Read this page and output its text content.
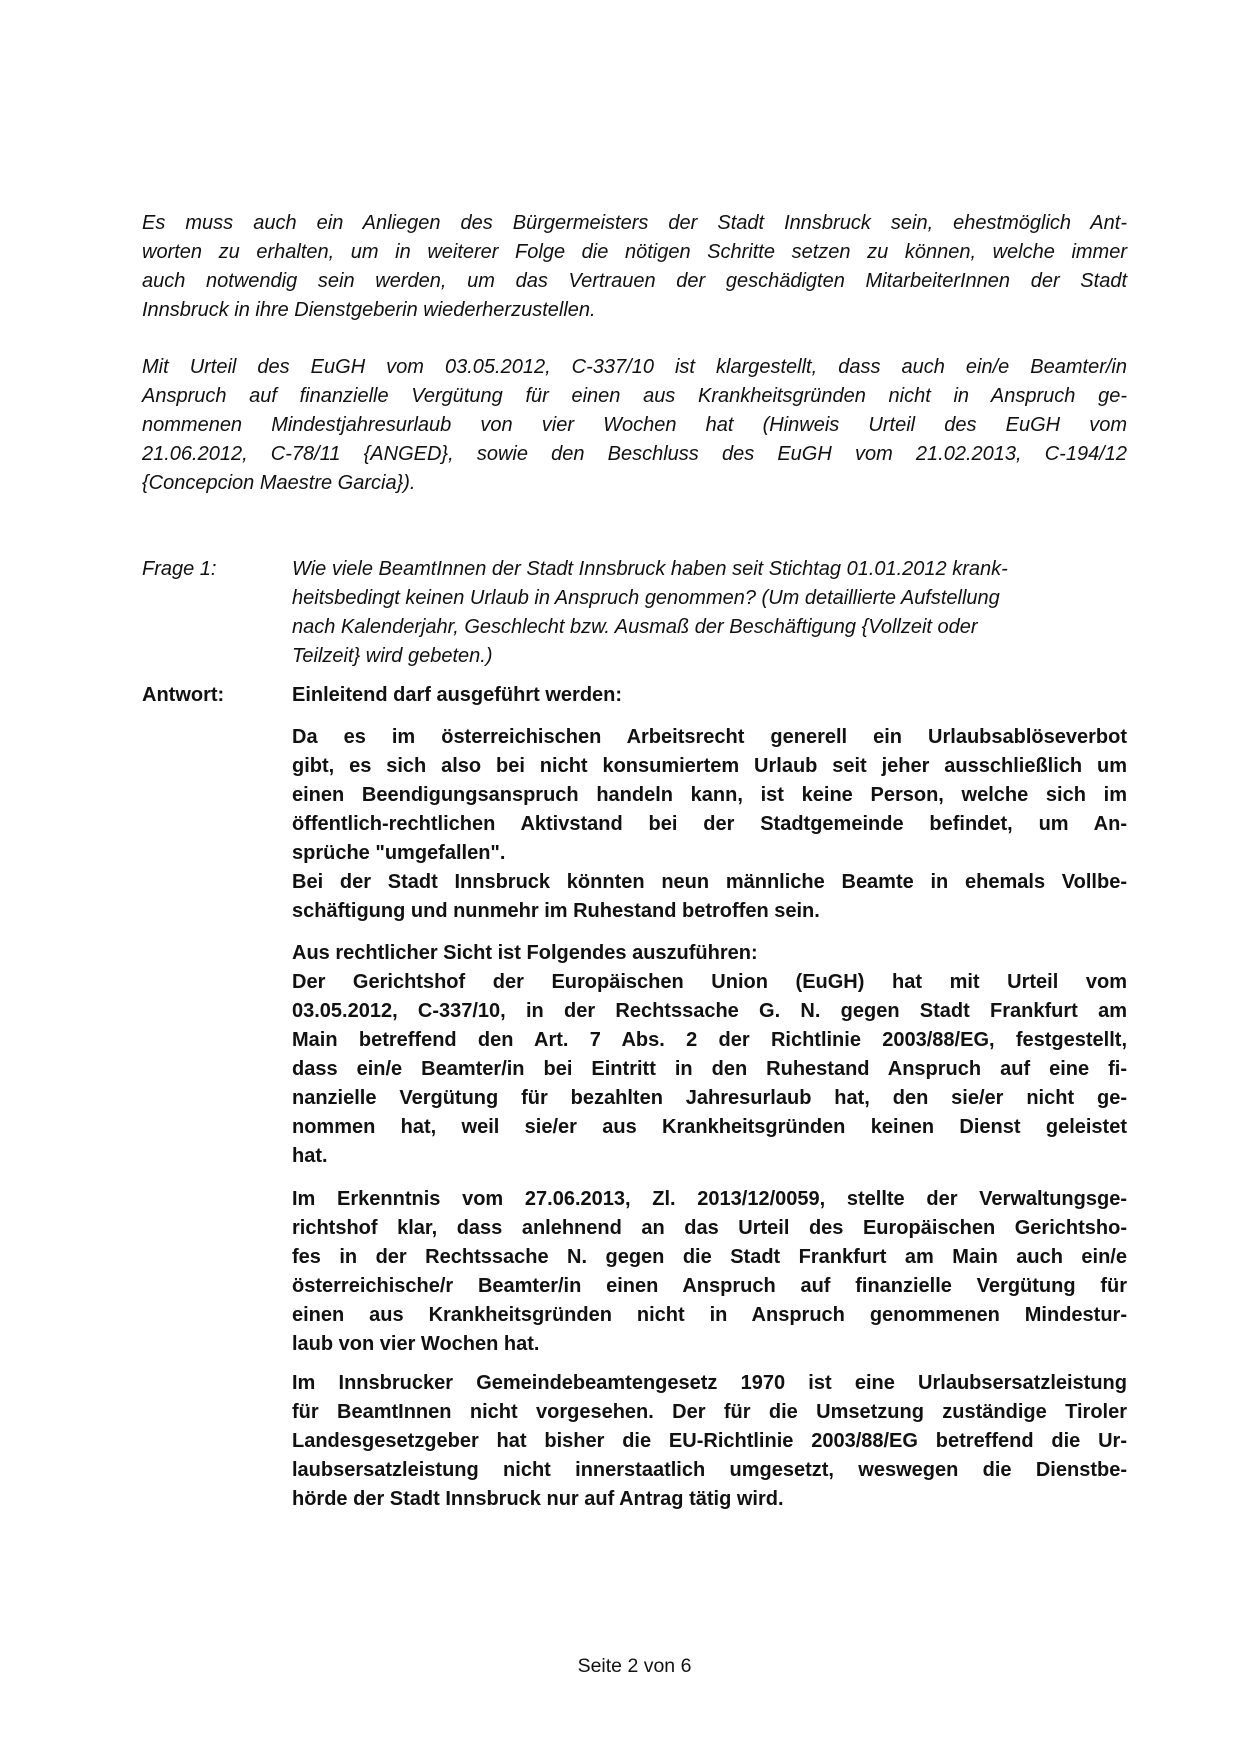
Es muss auch ein Anliegen des Bürgermeisters der Stadt Innsbruck sein, ehestmöglich Ant-
worten zu erhalten, um in weiterer Folge die nötigen Schritte setzen zu können, welche immer
auch notwendig sein werden, um das Vertrauen der geschädigten MitarbeiterInnen der Stadt
Innsbruck in ihre Dienstgeberin wiederherzustellen.
Mit Urteil des EuGH vom 03.05.2012, C-337/10 ist klargestellt, dass auch ein/e Beamter/in
Anspruch auf finanzielle Vergütung für einen aus Krankheitsgründen nicht in Anspruch ge-
nommenen Mindestjahresurlaub von vier Wochen hat (Hinweis Urteil des EuGH vom
21.06.2012, C-78/11 {ANGED}, sowie den Beschluss des EuGH vom 21.02.2013, C-194/12
{Concepcion Maestre Garcia}).
Frage 1:	Wie viele BeamtInnen der Stadt Innsbruck haben seit Stichtag 01.01.2012 krank-
heitsbedingt keinen Urlaub in Anspruch genommen? (Um detaillierte Aufstellung
nach Kalenderjahr, Geschlecht bzw. Ausmaß der Beschäftigung {Vollzeit oder
Teilzeit} wird gebeten.)
Antwort:	Einleitend darf ausgeführt werden:
Da es im österreichischen Arbeitsrecht generell ein Urlaubsablöseverbot
gibt, es sich also bei nicht konsumiertem Urlaub seit jeher ausschließlich um
einen Beendigungsanspruch handeln kann, ist keine Person, welche sich im
öffentlich-rechtlichen Aktivstand bei der Stadtgemeinde befindet, um An-
sprüche "umgefallen".
Bei der Stadt Innsbruck könnten neun männliche Beamte in ehemals Vollbe-
schäftigung und nunmehr im Ruhestand betroffen sein.
Aus rechtlicher Sicht ist Folgendes auszuführen:
Der Gerichtshof der Europäischen Union (EuGH) hat mit Urteil vom
03.05.2012, C-337/10, in der Rechtssache G. N. gegen Stadt Frankfurt am
Main betreffend den Art. 7 Abs. 2 der Richtlinie 2003/88/EG, festgestellt,
dass ein/e Beamter/in bei Eintritt in den Ruhestand Anspruch auf eine fi-
nanzielle Vergütung für bezahlten Jahresurlaub hat, den sie/er nicht ge-
nommen hat, weil sie/er aus Krankheitsgründen keinen Dienst geleistet
hat.
Im Erkenntnis vom 27.06.2013, Zl. 2013/12/0059, stellte der Verwaltungsge-
richtshof klar, dass anlehnend an das Urteil des Europäischen Gerichtsho-
fes in der Rechtssache N. gegen die Stadt Frankfurt am Main auch ein/e
österreichische/r Beamter/in einen Anspruch auf finanzielle Vergütung für
einen aus Krankheitsgründen nicht in Anspruch genommenen Mindestur-
laub von vier Wochen hat.
Im Innsbrucker Gemeindebeamtengesetz 1970 ist eine Urlaubsersatzleistung
für BeamtInnen nicht vorgesehen. Der für die Umsetzung zuständige Tiroler
Landesgesetzgeber hat bisher die EU-Richtlinie 2003/88/EG betreffend die Ur-
laubsersatzleistung nicht innerstaatlich umgesetzt, weswegen die Dienstbe-
hörde der Stadt Innsbruck nur auf Antrag tätig wird.
Seite 2 von 6
